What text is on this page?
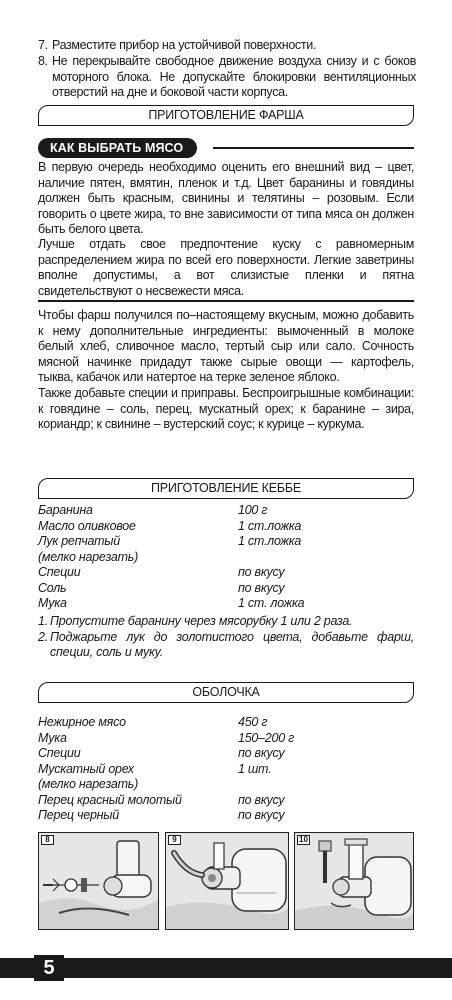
7. Разместите прибор на устойчивой поверхности.
8. Не перекрывайте свободное движение воздуха снизу и с боков моторного блока. Не допускайте блокировки вентиляционных отверстий на дне и боковой части корпуса.
ПРИГОТОВЛЕНИЕ ФАРША
КАК ВЫБРАТЬ МЯСО
В первую очередь необходимо оценить его внешний вид – цвет, наличие пятен, вмятин, пленок и т.д. Цвет баранины и говядины должен быть красным, свинины и телятины – розовым. Если говорить о цвете жира, то вне зависимости от типа мяса он должен быть белого цвета.
Лучше отдать свое предпочтение куску с равномерным распределением жира по всей его поверхности. Легкие заветрины вполне допустимы, а вот слизистые пленки и пятна свидетельствуют о несвежести мяса.
Чтобы фарш получился по–настоящему вкусным, можно добавить к нему дополнительные ингредиенты: вымоченный в молоке белый хлеб, сливочное масло, тертый сыр или сало. Сочность мясной начинке придадут также сырые овощи — картофель, тыква, кабачок или натертое на терке зеленое яблоко.
Также добавьте специи и приправы. Беспроигрышные комбинации: к говядине – соль, перец, мускатный орех; к баранине – зира, кориандр; к свинине – вустерский соус; к курице – куркума.
ПРИГОТОВЛЕНИЕ КЕББЕ
Баранина	100 г
Масло оливковое	1 ст.ложка
Лук репчатый	1 ст.ложка
(мелко нарезать)
Специи	по вкусу
Соль	по вкусу
Мука	1 ст. ложка
1. Пропустите баранину через мясорубку 1 или 2 раза.
2. Поджарьте лук до золотистого цвета, добавьте фарш, специи, соль и муку.
ОБОЛОЧКА
Нежирное мясо	450 г
Мука	150–200 г
Специи	по вкусу
Мускатный орех	1 шт.
(мелко нарезать)
Перец красный молотый	по вкусу
Перец черный	по вкусу
8	9	10
5
